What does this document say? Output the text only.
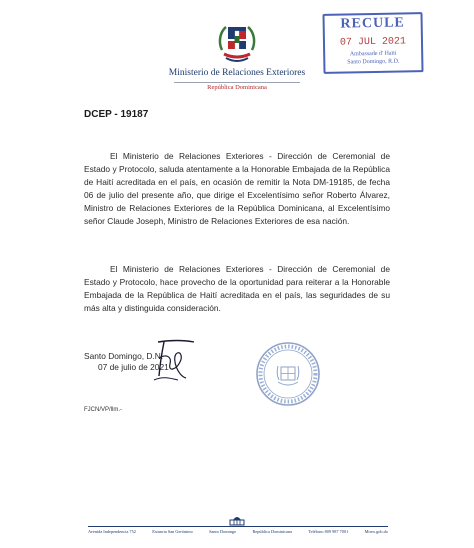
Ministerio de Relaciones Exteriores
República Dominicana
RECULE
07 JUL 2021
Ambassade d' Haïti
Santo Domingo, R.D.
DCEP - 19187
El Ministerio de Relaciones Exteriores - Dirección de Ceremonial de Estado y Protocolo, saluda atentamente a la Honorable Embajada de la República de Haití acreditada en el país, en ocasión de remitir la Nota DM-19185, de fecha 06 de julio del presente año, que dirige el Excelentísimo señor Roberto Álvarez, Ministro de Relaciones Exteriores de la República Dominicana, al Excelentísimo señor Claude Joseph, Ministro de Relaciones Exteriores de esa nación.
El Ministerio de Relaciones Exteriores - Dirección de Ceremonial de Estado y Protocolo, hace provecho de la oportunidad para reiterar a la Honorable Embajada de la República de Haití acreditada en el país, las seguridades de su más alta y distinguida consideración.
Santo Domingo, D.N.
07 de julio de 2021
FJCN/VP/llm.-
Avenida Independencia 752	Estancia San Gerónimo	Santo Domingo	República Dominicana	Teléfono 809 987 7001	Mirex.gob.do
